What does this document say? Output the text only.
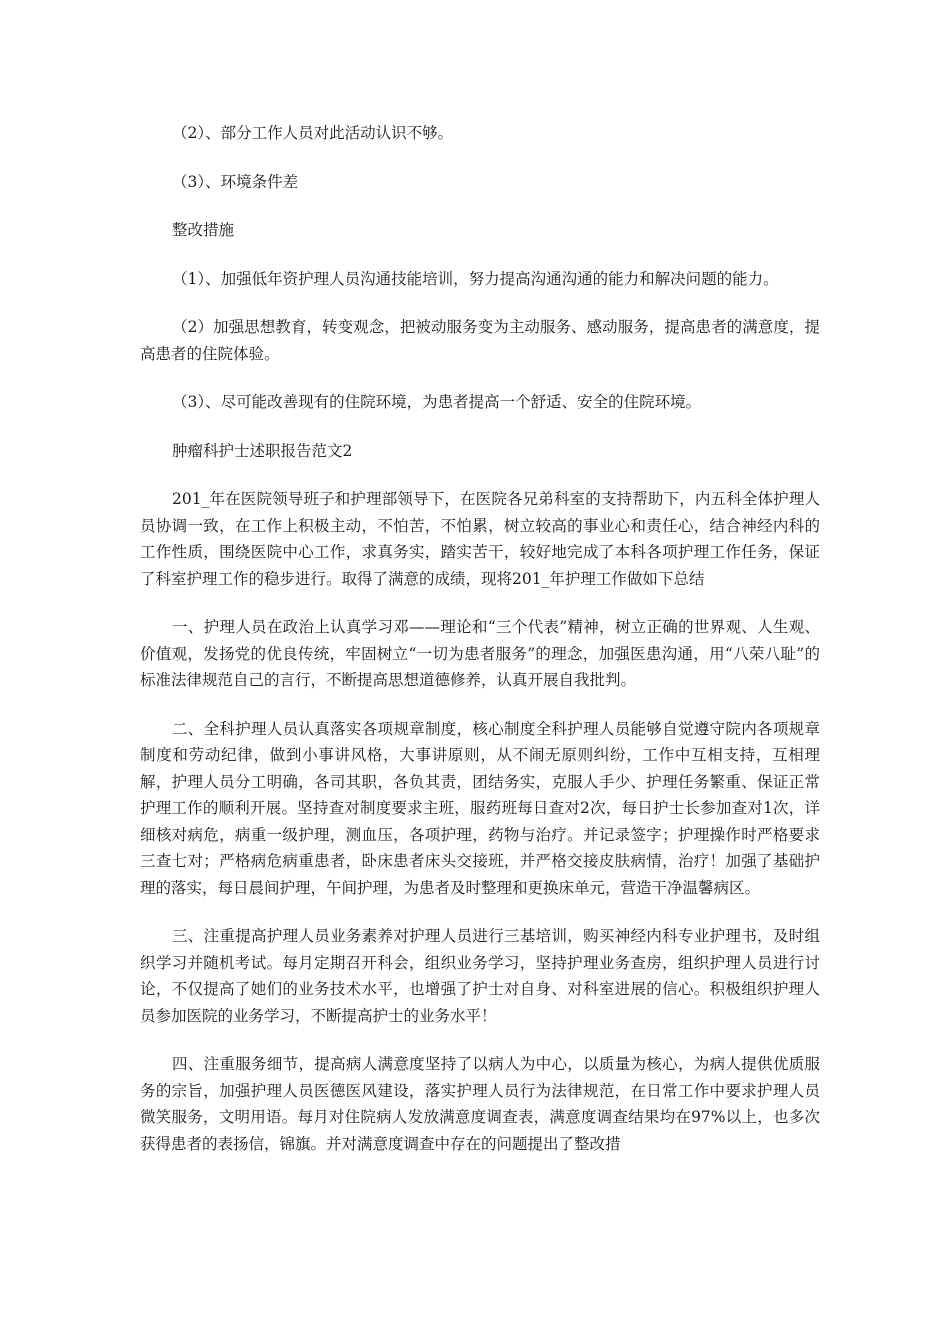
（2）、部分工作人员对此活动认识不够。

（3）、环境条件差

整改措施

（1）、加强低年资护理人员沟通技能培训，努力提高沟通沟通的能力和解决问题的能力。

（2）加强思想教育，转变观念，把被动服务变为主动服务、感动服务，提高患者的满意度，提高患者的住院体验。

（3）、尽可能改善现有的住院环境，为患者提高一个舒适、安全的住院环境。

肿瘤科护士述职报告范文2

201_年在医院领导班子和护理部领导下，在医院各兄弟科室的支持帮助下，内五科全体护理人员协调一致，在工作上积极主动，不怕苦，不怕累，树立较高的事业心和责任心，结合神经内科的工作性质，围绕医院中心工作，求真务实，踏实苦干，较好地完成了本科各项护理工作任务，保证了科室护理工作的稳步进行。取得了满意的成绩，现将201_年护理工作做如下总结

一、护理人员在政治上认真学习邓——理论和“三个代表”精神，树立正确的世界观、人生观、价值观，发扬党的优良传统，牢固树立“一切为患者服务”的理念，加强医患沟通，用“八荣八耻”的标准法律规范自己的言行，不断提高思想道德修养，认真开展自我批判。

二、全科护理人员认真落实各项规章制度，核心制度全科护理人员能够自觉遵守院内各项规章制度和劳动纪律，做到小事讲风格，大事讲原则，从不闹无原则纠纷，工作中互相支持，互相理解，护理人员分工明确，各司其职，各负其责，团结务实，克服人手少、护理任务繁重、保证正常护理工作的顺利开展。坚持查对制度要求主班，服药班每日查对2次，每日护士长参加查对1次，详细核对病危，病重一级护理，测血压，各项护理，药物与治疗。并记录签字；护理操作时严格要求三查七对；严格病危病重患者，卧床患者床头交接班，并严格交接皮肤病情，治疗！加强了基础护理的落实，每日晨间护理，午间护理，为患者及时整理和更换床单元，营造干净温馨病区。

三、注重提高护理人员业务素养对护理人员进行三基培训，购买神经内科专业护理书，及时组织学习并随机考试。每月定期召开科会，组织业务学习，坚持护理业务查房，组织护理人员进行讨论，不仅提高了她们的业务技术水平，也增强了护士对自身、对科室进展的信心。积极组织护理人员参加医院的业务学习，不断提高护士的业务水平！

四、注重服务细节，提高病人满意度坚持了以病人为中心，以质量为核心，为病人提供优质服务的宗旨，加强护理人员医德医风建设，落实护理人员行为法律规范，在日常工作中要求护理人员微笑服务，文明用语。每月对住院病人发放满意度调查表，满意度调查结果均在97%以上，也多次获得患者的表扬信，锦旗。并对满意度调查中存在的问题提出了整改措
